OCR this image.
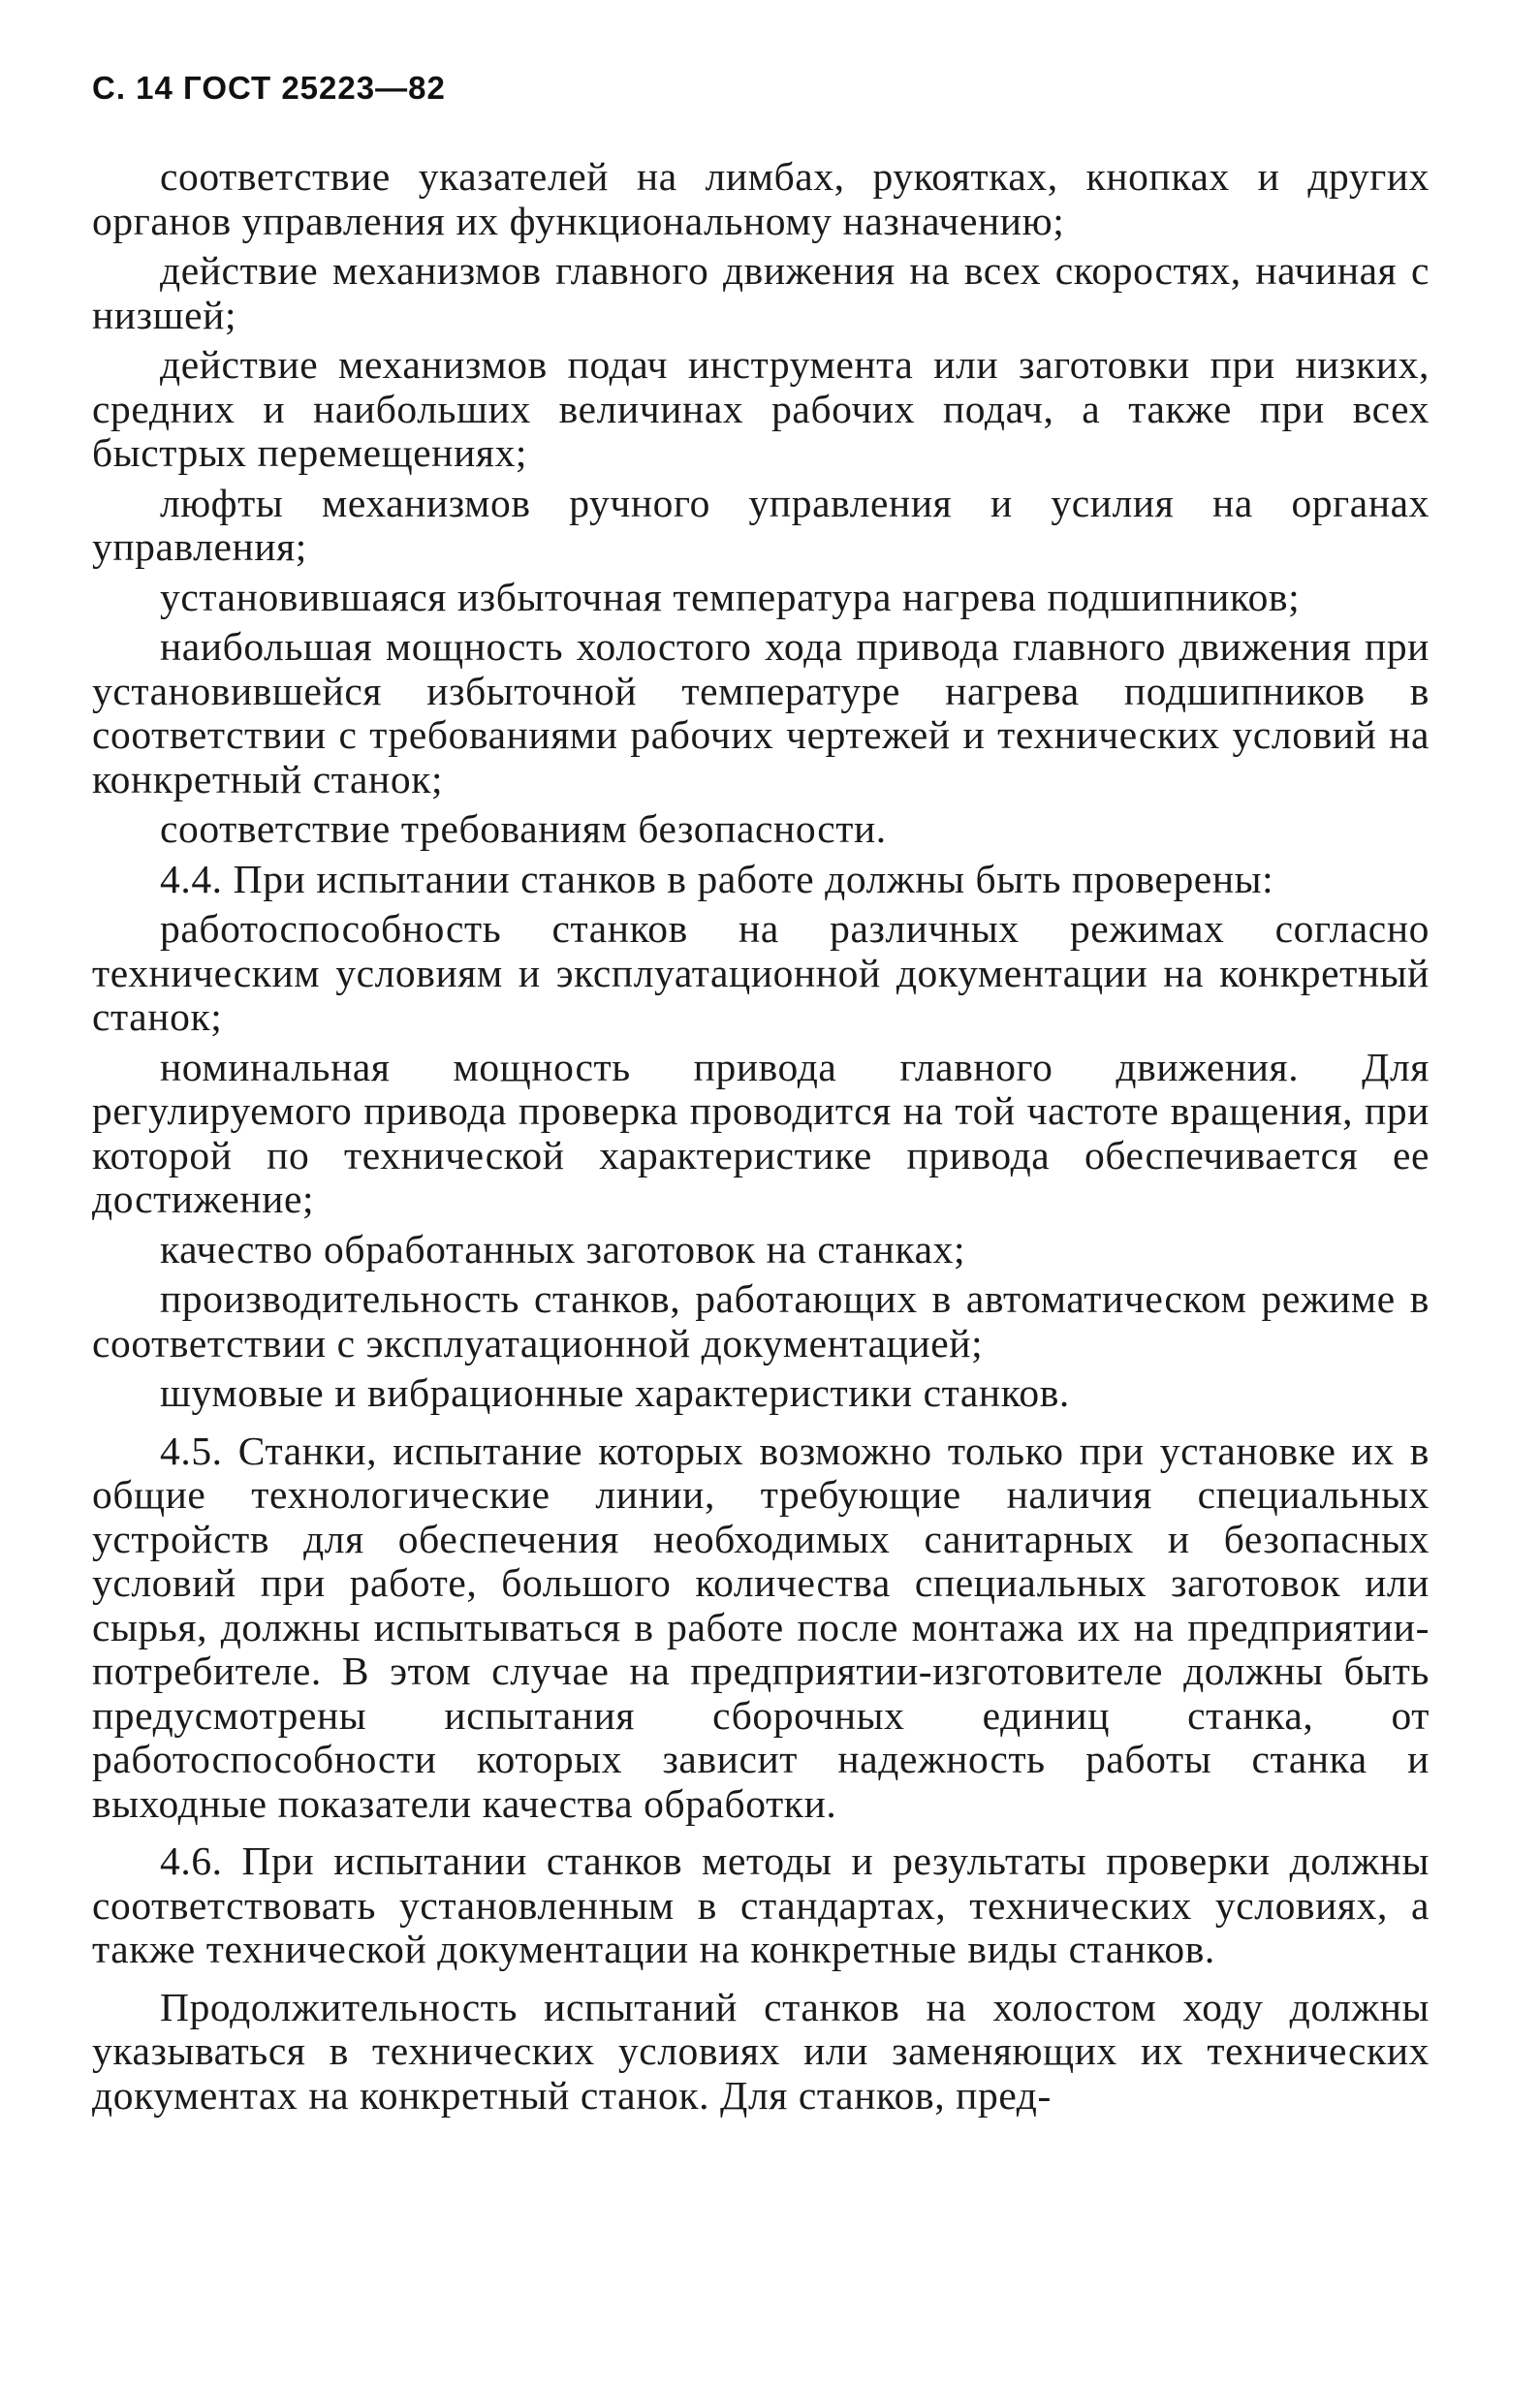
С. 14 ГОСТ 25223—82

соответствие указателей на лимбах, рукоятках, кнопках и других органов управления их функциональному назначению;

действие механизмов главного движения на всех скоростях, начиная с низшей;

действие механизмов подач инструмента или заготовки при низких, средних и наибольших величинах рабочих подач, а также при всех быстрых перемещениях;

люфты механизмов ручного управления и усилия на органах управления;

установившаяся избыточная температура нагрева подшипников;

наибольшая мощность холостого хода привода главного движения при установившейся избыточной температуре нагрева подшипников в соответствии с требованиями рабочих чертежей и технических условий на конкретный станок;

соответствие требованиям безопасности.

4.4. При испытании станков в работе должны быть проверены:

работоспособность станков на различных режимах согласно техническим условиям и эксплуатационной документации на конкретный станок;

номинальная мощность привода главного движения. Для регулируемого привода проверка проводится на той частоте вращения, при которой по технической характеристике привода обеспечивается ее достижение;

качество обработанных заготовок на станках;

производительность станков, работающих в автоматическом режиме в соответствии с эксплуатационной документацией;

шумовые и вибрационные характеристики станков.

4.5. Станки, испытание которых возможно только при установке их в общие технологические линии, требующие наличия специальных устройств для обеспечения необходимых санитарных и безопасных условий при работе, большого количества специальных заготовок или сырья, должны испытываться в работе после монтажа их на предприятии-потребителе. В этом случае на предприятии-изготовителе должны быть предусмотрены испытания сборочных единиц станка, от работоспособности которых зависит надежность работы станка и выходные показатели качества обработки.

4.6. При испытании станков методы и результаты проверки должны соответствовать установленным в стандартах, технических условиях, а также технической документации на конкретные виды станков.

Продолжительность испытаний станков на холостом ходу должны указываться в технических условиях или заменяющих их технических документах на конкретный станок. Для станков, пред-
